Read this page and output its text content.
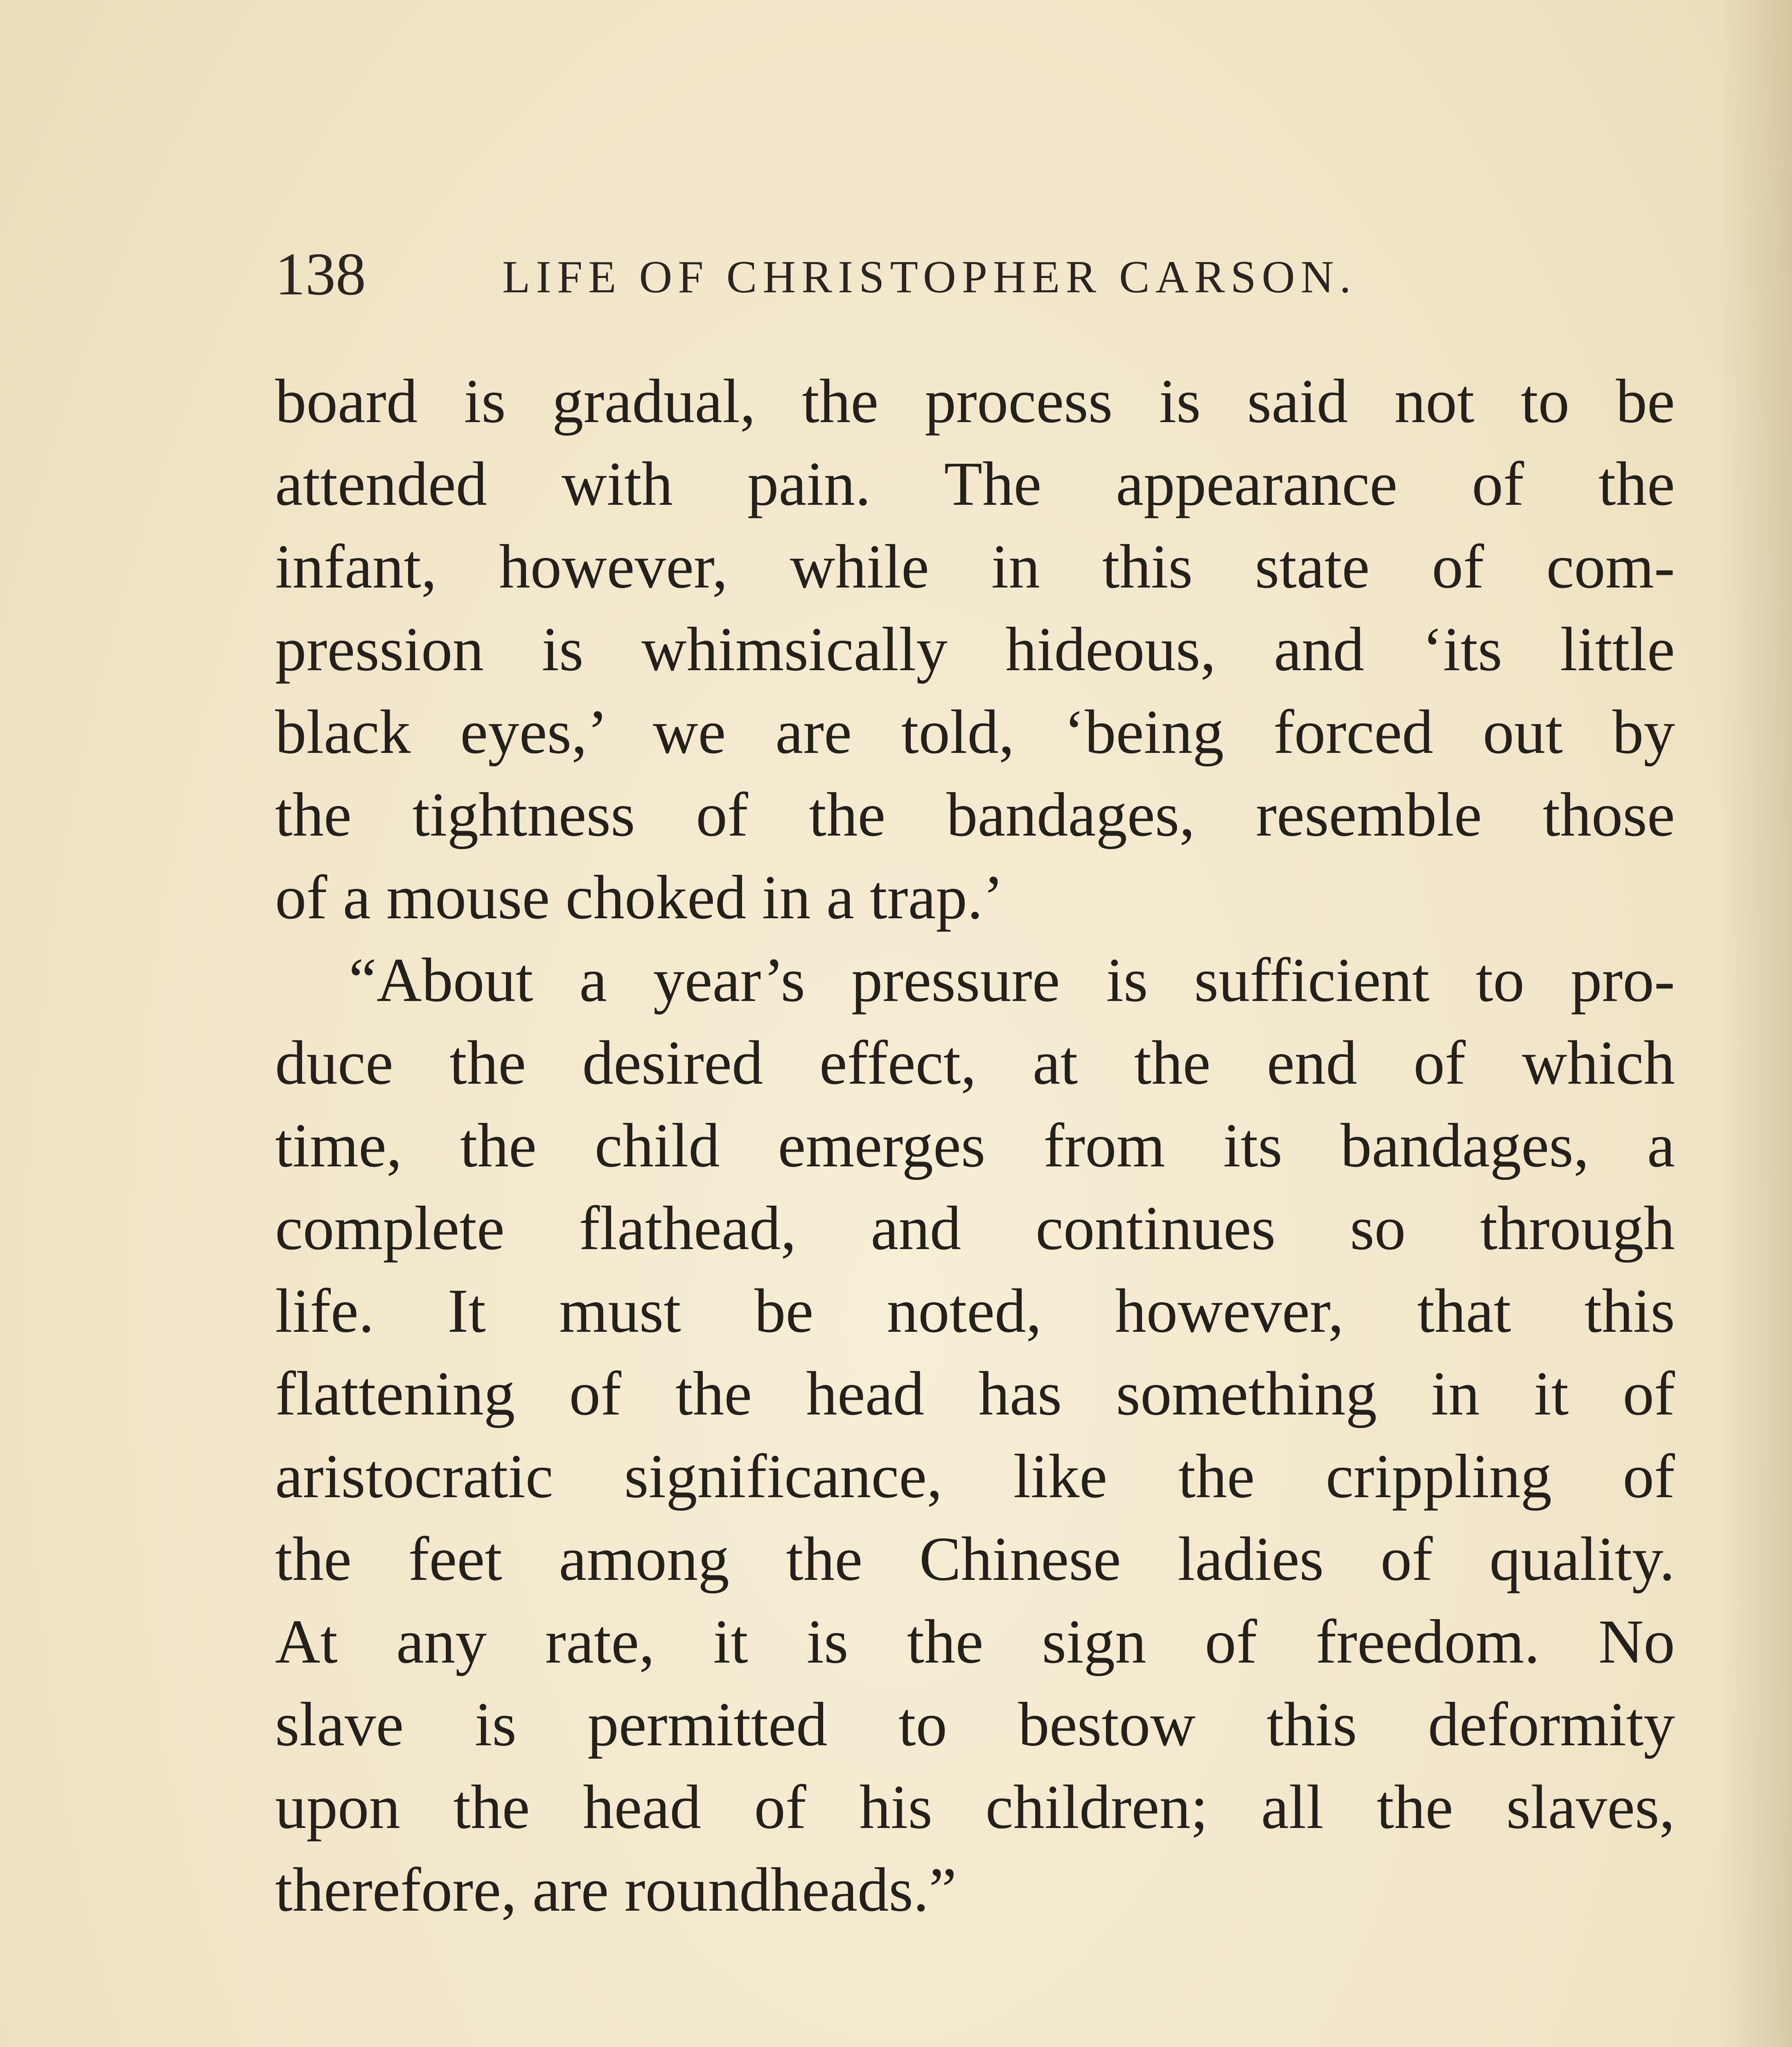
138	LIFE OF CHRISTOPHER CARSON.

board is gradual, the process is said not to be
attended with pain. The appearance of the
infant, however, while in this state of com-
pression is whimsically hideous, and ‘its little
black eyes,’ we are told, ‘being forced out by
the tightness of the bandages, resemble those
of a mouse choked in a trap.’

“About a year’s pressure is sufficient to pro-
duce the desired effect, at the end of which
time, the child emerges from its bandages, a
complete flathead, and continues so through
life. It must be noted, however, that this
flattening of the head has something in it of
aristocratic significance, like the crippling of
the feet among the Chinese ladies of quality.
At any rate, it is the sign of freedom. No
slave is permitted to bestow this deformity
upon the head of his children; all the slaves,
therefore, are roundheads.”
